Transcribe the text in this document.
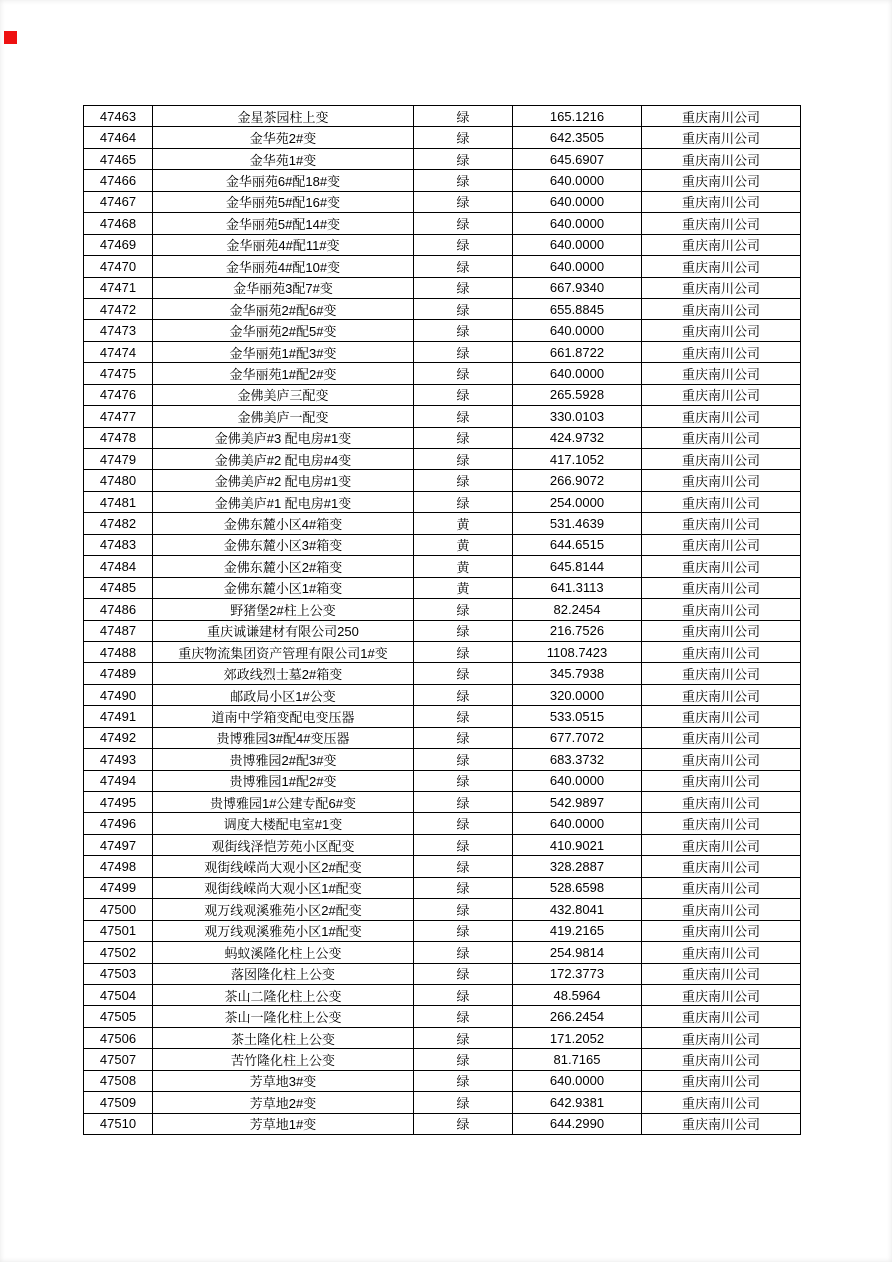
47463	金星茶园柱上变	绿	165.1216	重庆南川公司
47464	金华苑2#变	绿	642.3505	重庆南川公司
47465	金华苑1#变	绿	645.6907	重庆南川公司
47466	金华丽苑6#配18#变	绿	640.0000	重庆南川公司
47467	金华丽苑5#配16#变	绿	640.0000	重庆南川公司
47468	金华丽苑5#配14#变	绿	640.0000	重庆南川公司
47469	金华丽苑4#配11#变	绿	640.0000	重庆南川公司
47470	金华丽苑4#配10#变	绿	640.0000	重庆南川公司
47471	金华丽苑3配7#变	绿	667.9340	重庆南川公司
47472	金华丽苑2#配6#变	绿	655.8845	重庆南川公司
47473	金华丽苑2#配5#变	绿	640.0000	重庆南川公司
47474	金华丽苑1#配3#变	绿	661.8722	重庆南川公司
47475	金华丽苑1#配2#变	绿	640.0000	重庆南川公司
47476	金佛美庐三配变	绿	265.5928	重庆南川公司
47477	金佛美庐一配变	绿	330.0103	重庆南川公司
47478	金佛美庐#3 配电房#1变	绿	424.9732	重庆南川公司
47479	金佛美庐#2 配电房#4变	绿	417.1052	重庆南川公司
47480	金佛美庐#2 配电房#1变	绿	266.9072	重庆南川公司
47481	金佛美庐#1 配电房#1变	绿	254.0000	重庆南川公司
47482	金佛东麓小区4#箱变	黄	531.4639	重庆南川公司
47483	金佛东麓小区3#箱变	黄	644.6515	重庆南川公司
47484	金佛东麓小区2#箱变	黄	645.8144	重庆南川公司
47485	金佛东麓小区1#箱变	黄	641.3113	重庆南川公司
47486	野猪堡2#柱上公变	绿	82.2454	重庆南川公司
47487	重庆诚谦建材有限公司250	绿	216.7526	重庆南川公司
47488	重庆物流集团资产管理有限公司1#变	绿	1108.7423	重庆南川公司
47489	郊政线烈士墓2#箱变	绿	345.7938	重庆南川公司
47490	邮政局小区1#公变	绿	320.0000	重庆南川公司
47491	道南中学箱变配电变压器	绿	533.0515	重庆南川公司
47492	贵博雅园3#配4#变压器	绿	677.7072	重庆南川公司
47493	贵博雅园2#配3#变	绿	683.3732	重庆南川公司
47494	贵博雅园1#配2#变	绿	640.0000	重庆南川公司
47495	贵博雅园1#公建专配6#变	绿	542.9897	重庆南川公司
47496	调度大楼配电室#1变	绿	640.0000	重庆南川公司
47497	观街线泽恺芳苑小区配变	绿	410.9021	重庆南川公司
47498	观街线嵘尚大观小区2#配变	绿	328.2887	重庆南川公司
47499	观街线嵘尚大观小区1#配变	绿	528.6598	重庆南川公司
47500	观万线观溪雅苑小区2#配变	绿	432.8041	重庆南川公司
47501	观万线观溪雅苑小区1#配变	绿	419.2165	重庆南川公司
47502	蚂蚁溪隆化柱上公变	绿	254.9814	重庆南川公司
47503	落囡隆化柱上公变	绿	172.3773	重庆南川公司
47504	茶山二隆化柱上公变	绿	48.5964	重庆南川公司
47505	茶山一隆化柱上公变	绿	266.2454	重庆南川公司
47506	茶土隆化柱上公变	绿	171.2052	重庆南川公司
47507	苦竹隆化柱上公变	绿	81.7165	重庆南川公司
47508	芳草地3#变	绿	640.0000	重庆南川公司
47509	芳草地2#变	绿	642.9381	重庆南川公司
47510	芳草地1#变	绿	644.2990	重庆南川公司
